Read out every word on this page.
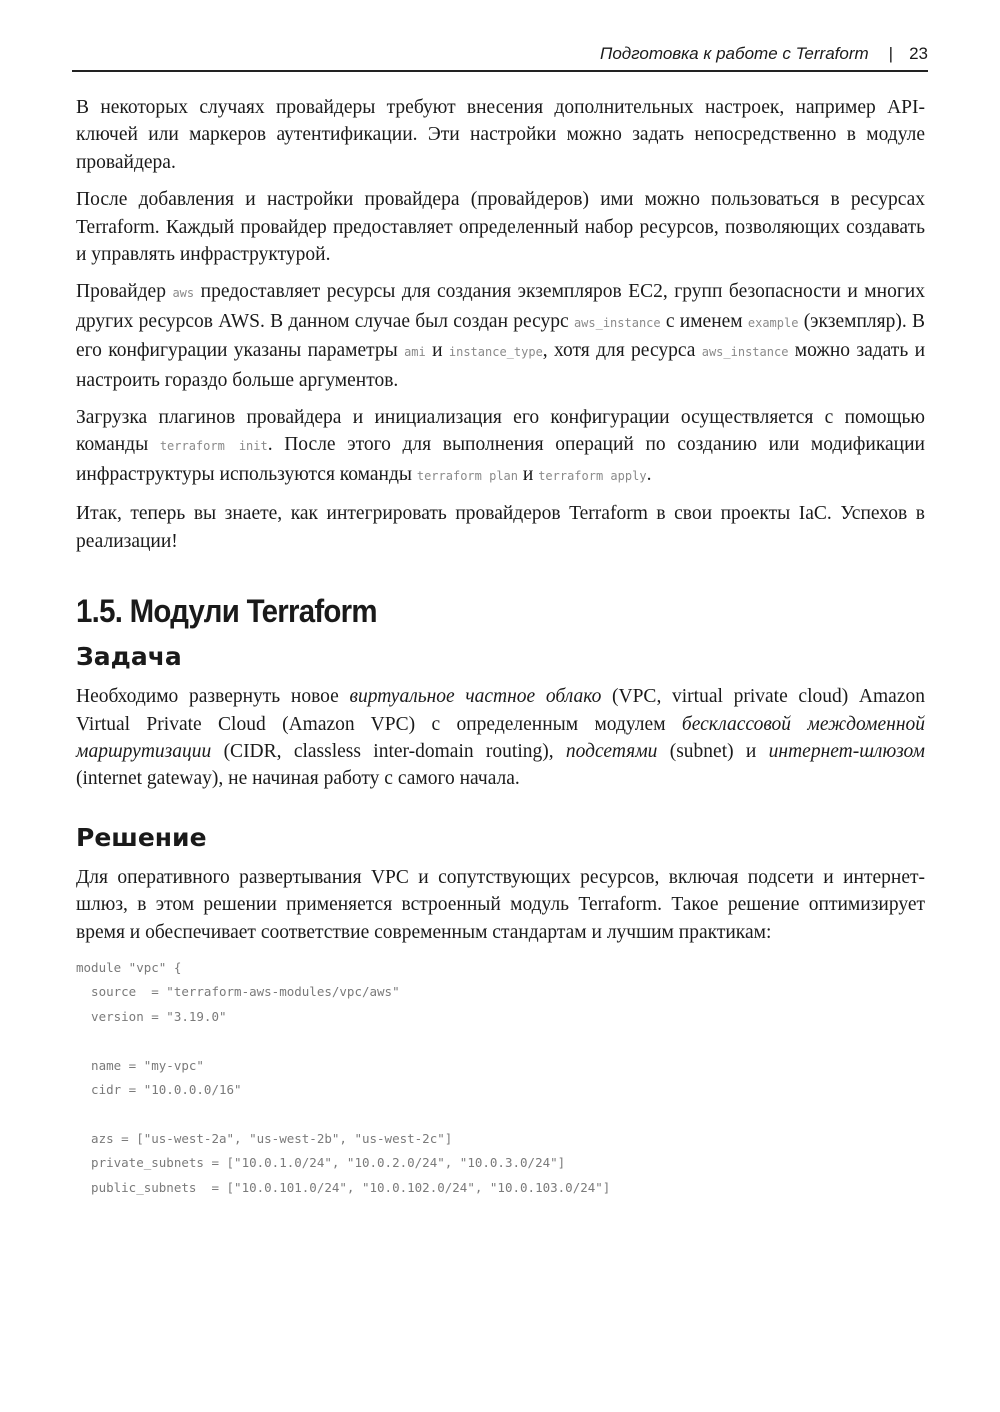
Подготовка к работе с Terraform | 23

В некоторых случаях провайдеры требуют внесения дополнительных настроек, например API-ключей или маркеров аутентификации. Эти настройки можно задать непосредственно в модуле провайдера.

После добавления и настройки провайдера (провайдеров) ими можно пользоваться в ресурсах Terraform. Каждый провайдер предоставляет определенный набор ресурсов, позволяющих создавать и управлять инфраструктурой.

Провайдер aws предоставляет ресурсы для создания экземпляров EC2, групп безопасности и многих других ресурсов AWS. В данном случае был создан ресурс aws_instance с именем example (экземпляр). В его конфигурации указаны параметры ami и instance_type, хотя для ресурса aws_instance можно задать и настроить гораздо больше аргументов.

Загрузка плагинов провайдера и инициализация его конфигурации осуществляется с помощью команды terraform init. После этого для выполнения операций по созданию или модификации инфраструктуры используются команды terraform plan и terraform apply.

Итак, теперь вы знаете, как интегрировать провайдеров Terraform в свои проекты IaC. Успехов в реализации!

1.5. Модули Terraform
Задача

Необходимо развернуть новое виртуальное частное облако (VPC, virtual private cloud) Amazon Virtual Private Cloud (Amazon VPC) с определенным модулем бесклассовой междоменной маршрутизации (CIDR, classless inter-domain routing), подсетями (subnet) и интернет-шлюзом (internet gateway), не начиная работу с самого начала.

Решение

Для оперативного развертывания VPC и сопутствующих ресурсов, включая подсети и интернет-шлюз, в этом решении применяется встроенный модуль Terraform. Такое решение оптимизирует время и обеспечивает соответствие современным стандартам и лучшим практикам:

module "vpc" {
source  = "terraform-aws-modules/vpc/aws"
version = "3.19.0"

name = "my-vpc"
cidr = "10.0.0.0/16"

azs = ["us-west-2a", "us-west-2b", "us-west-2c"]
private_subnets = ["10.0.1.0/24", "10.0.2.0/24", "10.0.3.0/24"]
public_subnets  = ["10.0.101.0/24", "10.0.102.0/24", "10.0.103.0/24"]
